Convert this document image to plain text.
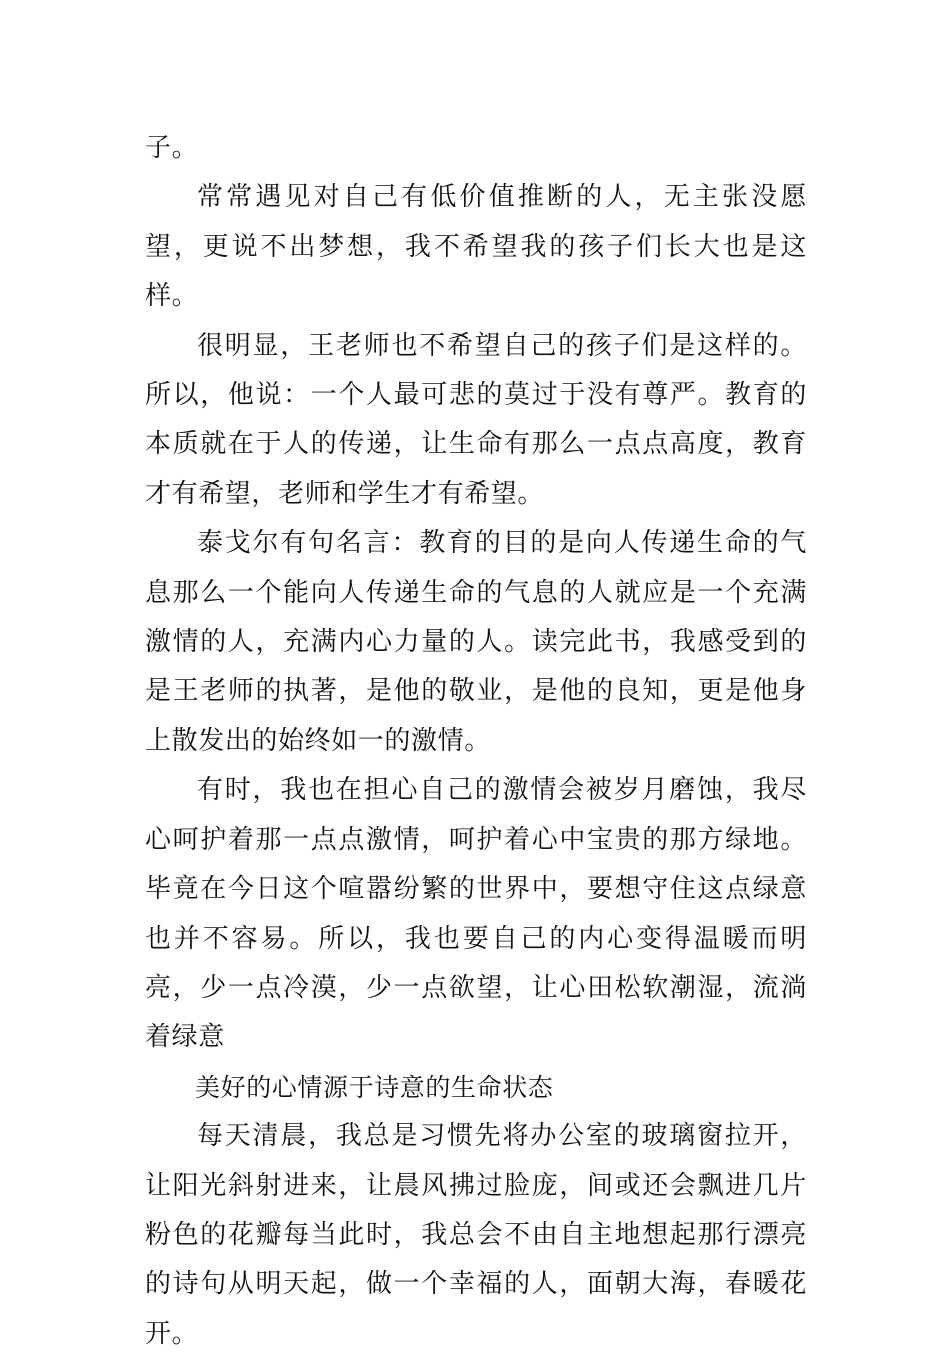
子。

常常遇见对自己有低价值推断的人，无主张没愿望，更说不出梦想，我不希望我的孩子们长大也是这样。

很明显，王老师也不希望自己的孩子们是这样的。所以，他说：一个人最可悲的莫过于没有尊严。教育的本质就在于人的传递，让生命有那么一点点高度，教育才有希望，老师和学生才有希望。

泰戈尔有句名言：教育的目的是向人传递生命的气息那么一个能向人传递生命的气息的人就应是一个充满激情的人，充满内心力量的人。读完此书，我感受到的是王老师的执著，是他的敬业，是他的良知，更是他身上散发出的始终如一的激情。

有时，我也在担心自己的激情会被岁月磨蚀，我尽心呵护着那一点点激情，呵护着心中宝贵的那方绿地。毕竟在今日这个喧嚣纷繁的世界中，要想守住这点绿意也并不容易。所以，我也要自己的内心变得温暖而明亮，少一点冷漠，少一点欲望，让心田松软潮湿，流淌着绿意

美好的心情源于诗意的生命状态

每天清晨，我总是习惯先将办公室的玻璃窗拉开，让阳光斜射进来，让晨风拂过脸庞，间或还会飘进几片粉色的花瓣每当此时，我总会不由自主地想起那行漂亮的诗句从明天起，做一个幸福的人，面朝大海，春暖花开。
